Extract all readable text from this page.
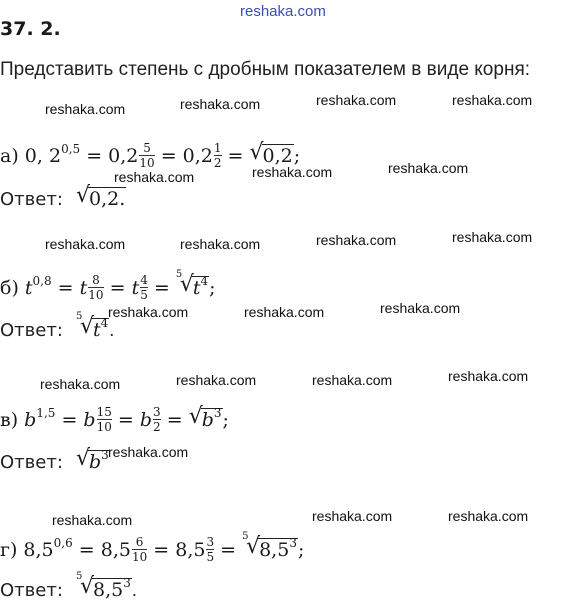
reshaka.com
37. 2.
Представить степень с дробным показателем в виде корня:
reshaka.com	reshaka.com	reshaka.com	reshaka.com
а) 0, $2^{0,5} = 0,2 \frac{5}{10} = 0,2 \frac{1}{2}$ = √
0,2;
reshaka.com	reshaka.com	reshaka.com
Ответ: √
0,2.
reshaka.com	reshaka.com	reshaka.com	reshaka.com
б) $t^{0,8} = t \frac{8}{10} = t \frac{4}{5}$ =
5
√
$t^4$;
reshaka.com	reshaka.com	reshaka.com
Ответ:
5
√
$t^4$.
reshaka.com	reshaka.com	reshaka.com	reshaka.com
в) $b^{1,5} = b \frac{15}{10} = b \frac{3}{2}$ = √
$b^3$;
Ответ: √
$b^3$ reshaka.com
reshaka.com	reshaka.com	reshaka.com
г) $8,5^{0,6} = 8,5 \frac{6}{10} = 8,5 \frac{3}{5}$ =
5
√
$8,5^3$;
Ответ:
5
√
$8,5^3$.
